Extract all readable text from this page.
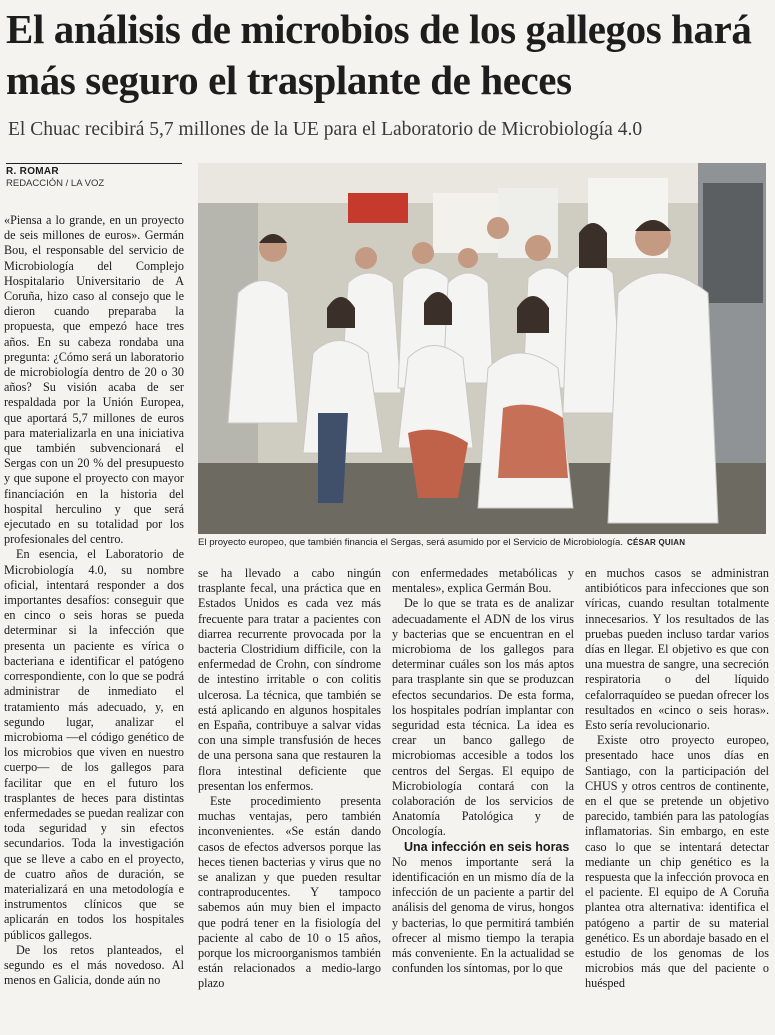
El análisis de microbios de los gallegos hará más seguro el trasplante de heces
El Chuac recibirá 5,7 millones de la UE para el Laboratorio de Microbiología 4.0
R. ROMAR
REDACCIÓN / LA VOZ
El proyecto europeo, que también financia el Sergas, será asumido por el Servicio de Microbiología. CÉSAR QUIAN

«Piensa a lo grande, en un proyecto de seis millones de euros». Germán Bou, el responsable del servicio de Microbiología del Complejo Hospitalario Universitario de A Coruña, hizo caso al consejo que le dieron cuando preparaba la propuesta, que empezó hace tres años. En su cabeza rondaba una pregunta: ¿Cómo será un laboratorio de microbiología dentro de 20 o 30 años? Su visión acaba de ser respaldada por la Unión Europea, que aportará 5,7 millones de euros para materializarla en una iniciativa que también subvencionará el Sergas con un 20 % del presupuesto y que supone el proyecto con mayor financiación en la historia del hospital herculino y que será ejecutado en su totalidad por los profesionales del centro.

En esencia, el Laboratorio de Microbiología 4.0, su nombre oficial, intentará responder a dos importantes desafíos: conseguir que en cinco o seis horas se pueda determinar si la infección que presenta un paciente es vírica o bacteriana e identificar el patógeno correspondiente, con lo que se podrá administrar de inmediato el tratamiento más adecuado, y, en segundo lugar, analizar el microbioma —el código genético de los microbios que viven en nuestro cuerpo— de los gallegos para facilitar que en el futuro los trasplantes de heces para distintas enfermedades se puedan realizar con toda seguridad y sin efectos secundarios. Toda la investigación que se lleve a cabo en el proyecto, de cuatro años de duración, se materializará en una metodología e instrumentos clínicos que se aplicarán en todos los hospitales públicos gallegos.

De los retos planteados, el segundo es el más novedoso. Al menos en Galicia, donde aún no

se ha llevado a cabo ningún trasplante fecal, una práctica que en Estados Unidos es cada vez más frecuente para tratar a pacientes con diarrea recurrente provocada por la bacteria Clostridium difficile, con la enfermedad de Crohn, con síndrome de intestino irritable o con colitis ulcerosa. La técnica, que también se está aplicando en algunos hospitales en España, contribuye a salvar vidas con una simple transfusión de heces de una persona sana que restauren la flora intestinal deficiente que presentan los enfermos.

Este procedimiento presenta muchas ventajas, pero también inconvenientes. «Se están dando casos de efectos adversos porque las heces tienen bacterias y virus que no se analizan y que pueden resultar contraproducentes. Y tampoco sabemos aún muy bien el impacto que podrá tener en la fisiología del paciente al cabo de 10 o 15 años, porque los microorganismos también están relacionados a medio-largo plazo

con enfermedades metabólicas y mentales», explica Germán Bou.

De lo que se trata es de analizar adecuadamente el ADN de los virus y bacterias que se encuentran en el microbioma de los gallegos para determinar cuáles son los más aptos para trasplante sin que se produzcan efectos secundarios. De esta forma, los hospitales podrían implantar con seguridad esta técnica. La idea es crear un banco gallego de microbiomas accesible a todos los centros del Sergas. El equipo de Microbiología contará con la colaboración de los servicios de Anatomía Patológica y de Oncología.

Una infección en seis horas

No menos importante será la identificación en un mismo día de la infección de un paciente a partir del análisis del genoma de virus, hongos y bacterias, lo que permitirá también ofrecer al mismo tiempo la terapia más conveniente. En la actualidad se confunden los síntomas, por lo que

en muchos casos se administran antibióticos para infecciones que son víricas, cuando resultan totalmente innecesarios. Y los resultados de las pruebas pueden incluso tardar varios días en llegar. El objetivo es que con una muestra de sangre, una secreción respiratoria o del líquido cefalorraquídeo se puedan ofrecer los resultados en «cinco o seis horas». Esto sería revolucionario.

Existe otro proyecto europeo, presentado hace unos días en Santiago, con la participación del CHUS y otros centros de continente, en el que se pretende un objetivo parecido, también para las patologías inflamatorias. Sin embargo, en este caso lo que se intentará detectar mediante un chip genético es la respuesta que la infección provoca en el paciente. El equipo de A Coruña plantea otra alternativa: identifica el patógeno a partir de su material genético. Es un abordaje basado en el estudio de los genomas de los microbios más que del paciente o huésped
